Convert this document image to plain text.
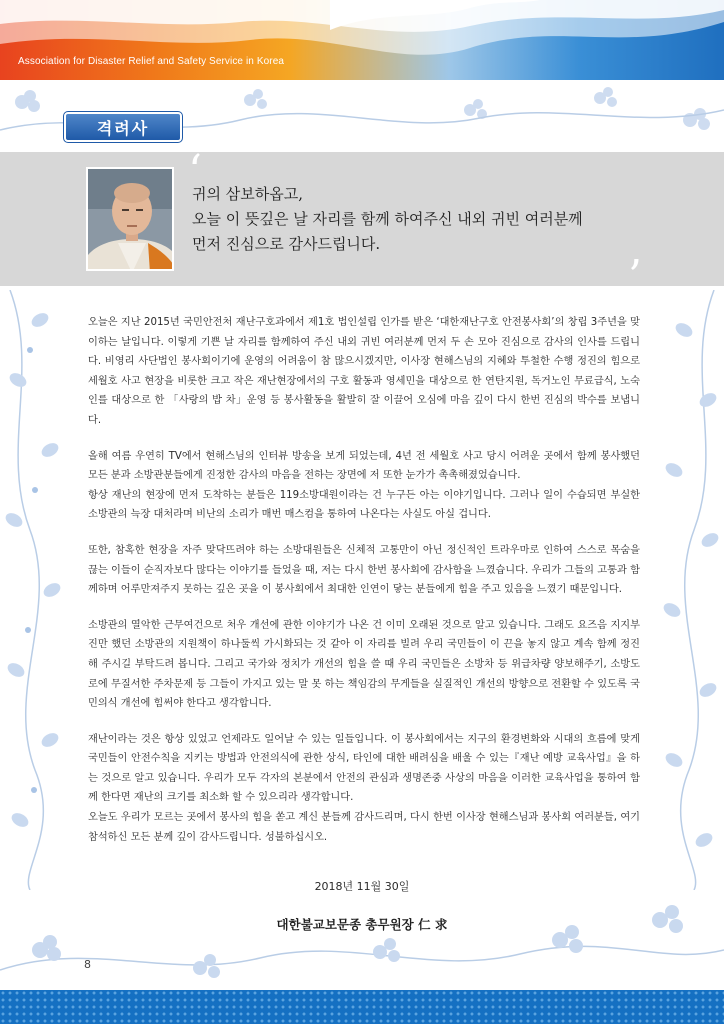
Association for Disaster Relief and Safety Service in Korea
격려사
‘
’
귀의 삼보하옵고,
오늘 이 뜻깊은 날 자리를 함께 하여주신 내외 귀빈 여러분께
먼저 진심으로 감사드립니다.

오늘은 지난 2015년 국민안전처 재난구호과에서 제1호 법인설립 인가를 받은 ‘대한재난구호 안전봉사회’의 창립 3주년을 맞이하는 날입니다. 이렇게 기쁜 날 자리를 함께하여 주신 내외 귀빈 여러분께 먼저 두 손 모아 진심으로 감사의 인사를 드립니다. 비영리 사단법인 봉사회이기에 운영의 어려움이 참 많으시겠지만, 이사장 현해스님의 지혜와 투철한 수행 정진의 힘으로 세월호 사고 현장을 비롯한 크고 작은 재난현장에서의 구호 활동과 영세민을 대상으로 한 연탄지원, 독거노인 무료급식, 노숙인를 대상으로 한 「사랑의 밥 차」운영 등 봉사활동을 활발히 잘 이끌어 오심에 마음 깊이 다시 한번 진심의 박수를 보냅니다.

올해 여름 우연히 TV에서 현해스님의 인터뷰 방송을 보게 되었는데, 4년 전 세월호 사고 당시 어려운 곳에서 함께 봉사했던 모든 분과 소방관분들에게 진정한 감사의 마음을 전하는 장면에 저 또한 눈가가 촉촉해졌었습니다.

항상 재난의 현장에 먼저 도착하는 분들은 119소방대원이라는 건 누구든 아는 이야기입니다. 그러나 일이 수습되면 부실한 소방관의 늑장 대처라며 비난의 소리가 매번 매스컴을 통하여 나온다는 사실도 아실 겁니다.

또한, 참혹한 현장을 자주 맞닥뜨려야 하는 소방대원들은 신체적 고통만이 아닌 정신적인 트라우마로 인하여 스스로 목숨을 끊는 이들이 순직자보다 많다는 이야기를 들었을 때, 저는 다시 한번 봉사회에 감사함을 느꼈습니다. 우리가 그들의 고통과 함께하며 어루만져주지 못하는 깊은 곳을 이 봉사회에서 최대한 인연이 닿는 분들에게 힘을 주고 있음을 느꼈기 때문입니다.

소방관의 열악한 근무여건으로 처우 개선에 관한 이야기가 나온 건 이미 오래된 것으로 알고 있습니다. 그래도 요즈음 지지부진만 했던 소방관의 지원책이 하나둘씩 가시화되는 것 같아 이 자리를 빌려 우리 국민들이 이 끈을 놓지 않고 계속 함께 정진해 주시길 부탁드려 봅니다. 그리고 국가와 정치가 개선의 힘을 쓸 때 우리 국민들은 소방차 등 위급차량 양보해주기, 소방도로에 무질서한 주차문제 등 그들이 가지고 있는 말 못 하는 책임감의 무게들을 실질적인 개선의 방향으로 전환할 수 있도록 국민의식 개선에 힘써야 한다고 생각합니다.

재난이라는 것은 항상 있었고 언제라도 일어날 수 있는 일들입니다. 이 봉사회에서는 지구의 환경변화와 시대의 흐름에 맞게 국민들이 안전수칙을 지키는 방법과 안전의식에 관한 상식, 타인에 대한 배려심을 배울 수 있는『재난 예방 교육사업』을 하는 것으로 알고 있습니다. 우리가 모두 각자의 본분에서 안전의 관심과 생명존중 사상의 마음을 이러한 교육사업을 통하여 함께 한다면 재난의 크기를 최소화 할 수 있으리라 생각합니다.

오늘도 우리가 모르는 곳에서 봉사의 힘을 쏟고 계신 분들께 감사드리며, 다시 한번 이사장 현해스님과 봉사회 여러분들, 여기 참석하신 모든 분께 깊이 감사드립니다. 성불하십시오.

2018년 11월 30일
대한불교보문종 총무원장 仁 求
8
